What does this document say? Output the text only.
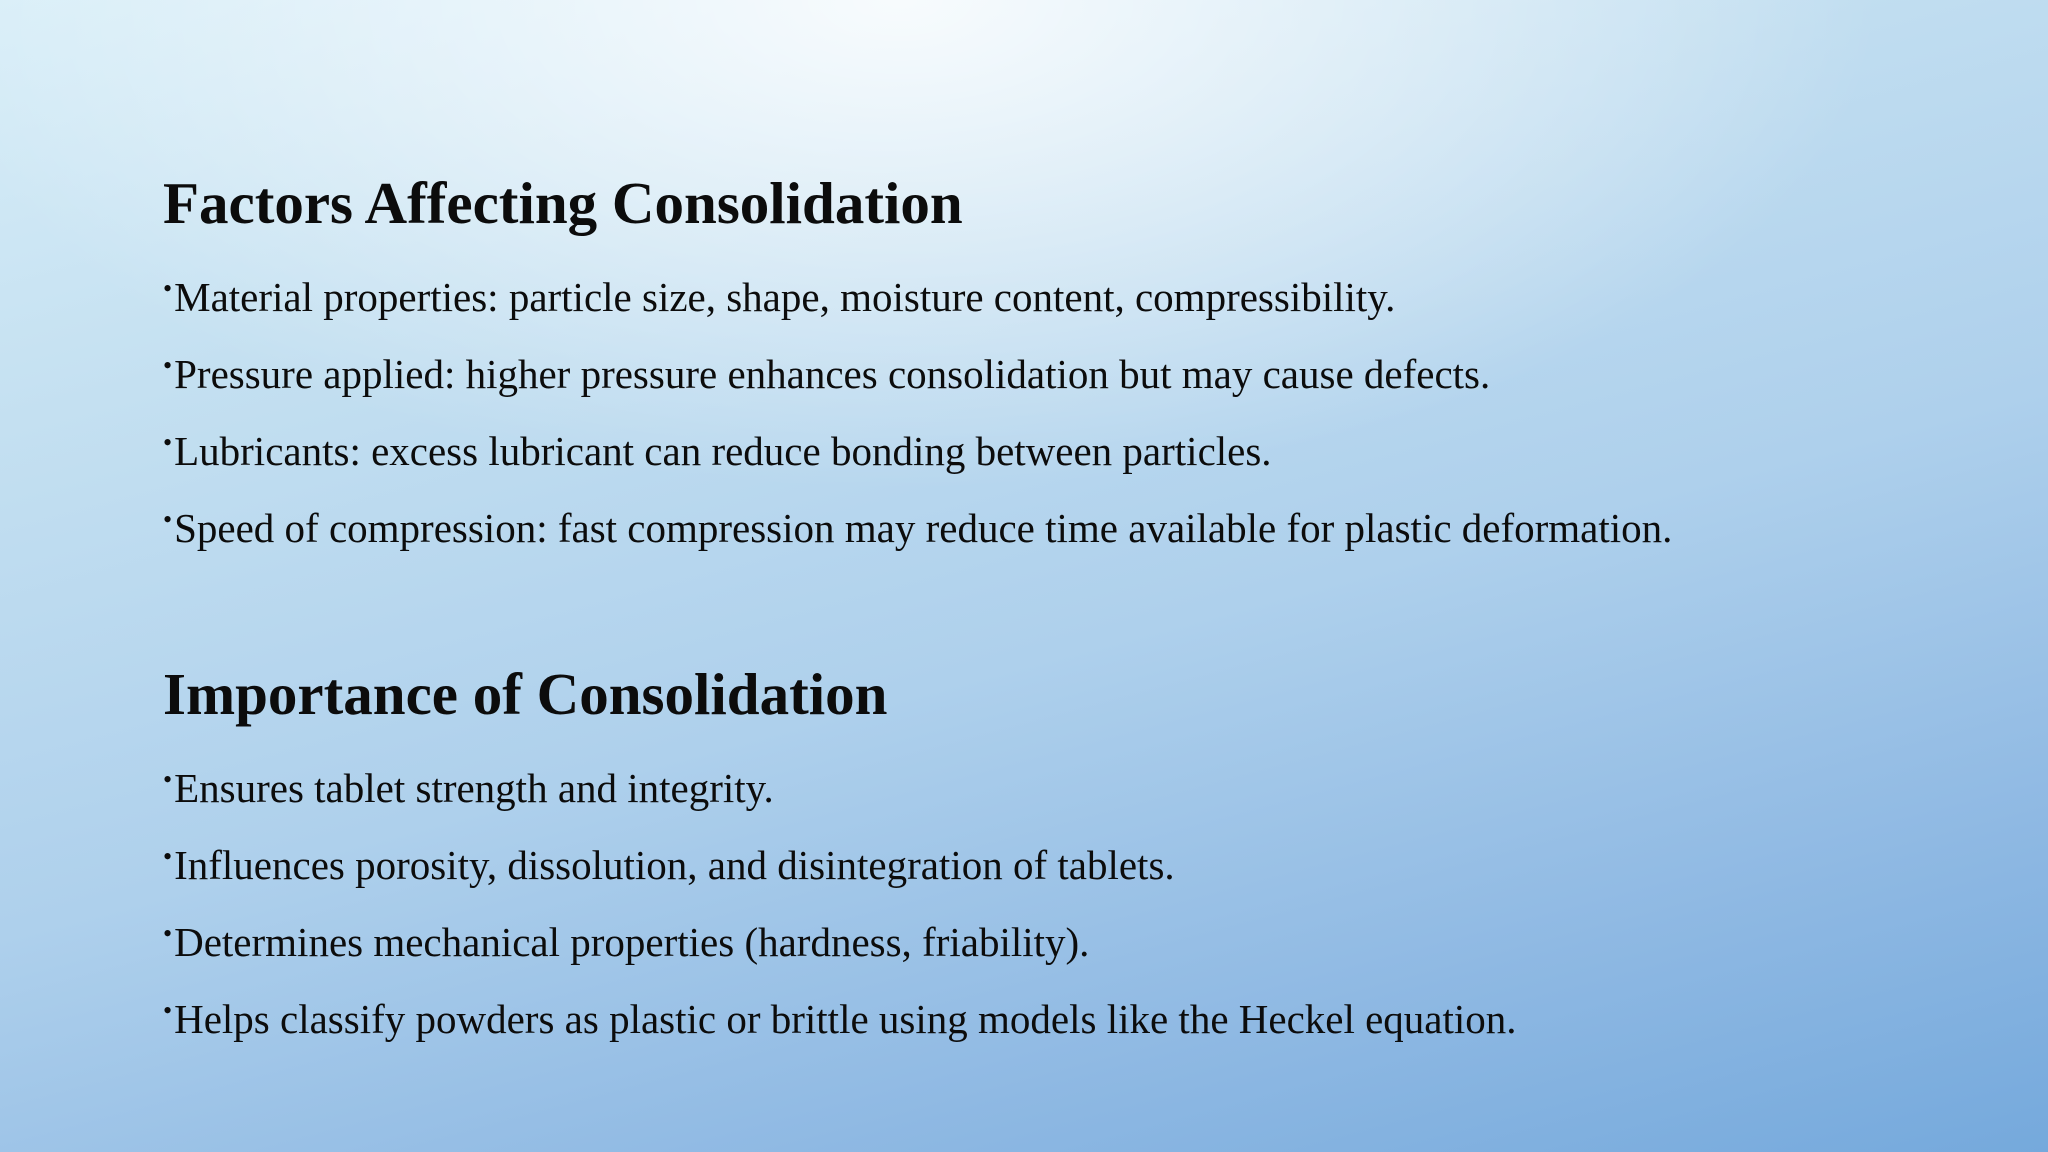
Factors Affecting Consolidation
•Material properties: particle size, shape, moisture content, compressibility.
•Pressure applied: higher pressure enhances consolidation but may cause defects.
•Lubricants: excess lubricant can reduce bonding between particles.
•Speed of compression: fast compression may reduce time available for plastic deformation.
Importance of Consolidation
•Ensures tablet strength and integrity.
•Influences porosity, dissolution, and disintegration of tablets.
•Determines mechanical properties (hardness, friability).
•Helps classify powders as plastic or brittle using models like the Heckel equation.
